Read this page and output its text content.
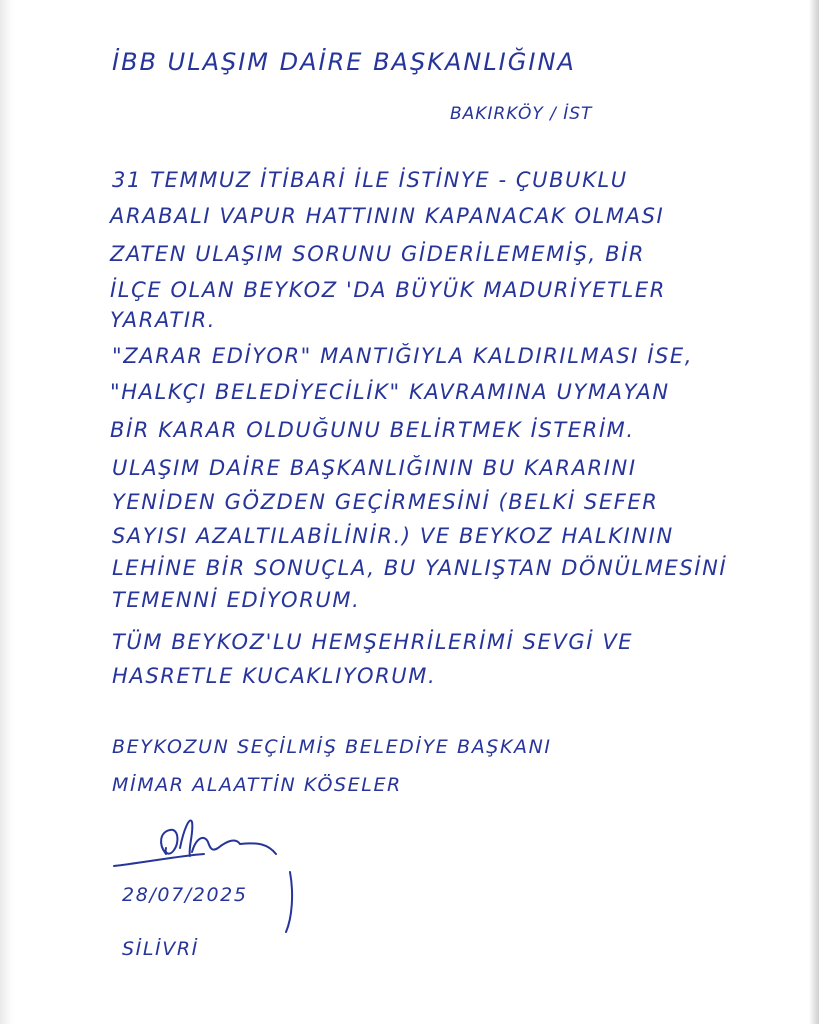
İBB ULAŞIM DAİRE BAŞKANLIĞINA
BAKIRKÖY / İST
31 TEMMUZ İTİBARİ İLE İSTİNYE - ÇUBUKLU
ARABALI VAPUR HATTININ KAPANACAK OLMASI
ZATEN ULAŞIM SORUNU GİDERİLEMEMİŞ, BİR
İLÇE OLAN BEYKOZ 'DA BÜYÜK MADURİYETLER
YARATIR.
"ZARAR EDİYOR" MANTIĞIYLA KALDIRILMASI İSE,
"HALKÇI BELEDİYECİLİK" KAVRAMINA UYMAYAN
BİR KARAR OLDUĞUNU BELİRTMEK İSTERİM.
ULAŞIM DAİRE BAŞKANLIĞININ BU KARARINI
YENİDEN GÖZDEN GEÇİRMESİNİ (BELKİ SEFER
SAYISI AZALTILABİLİNİR.) VE BEYKOZ HALKININ
LEHİNE BİR SONUÇLA, BU YANLIŞTAN DÖNÜLMESİNİ
TEMENNİ EDİYORUM.
TÜM BEYKOZ'LU HEMŞEHRİLERİMİ SEVGİ VE
HASRETLE KUCAKLIYORUM.
BEYKOZUN SEÇİLMİŞ BELEDİYE BAŞKANI
MİMAR ALAATTİN KÖSELER
28/07/2025
SİLİVRİ
